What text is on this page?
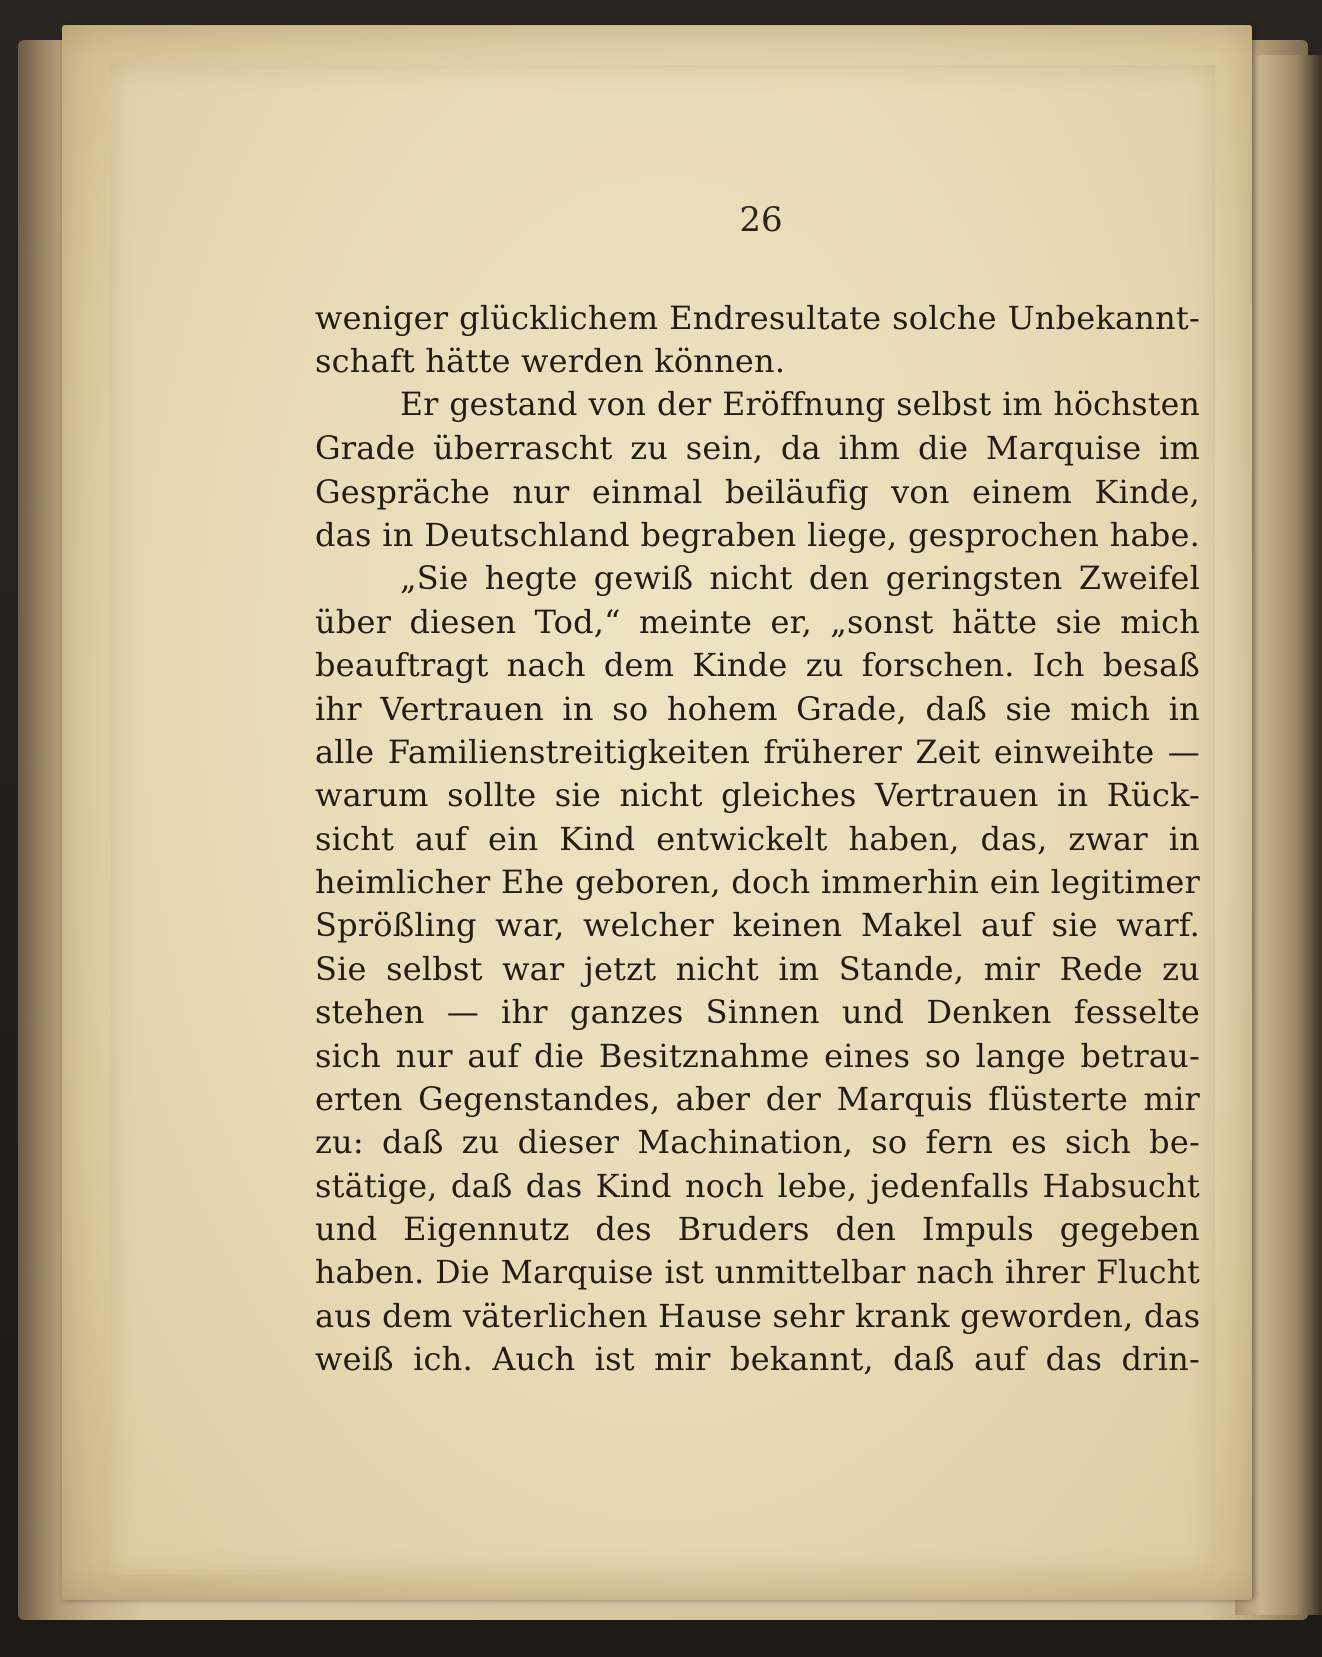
26
weniger glücklichem Endresultate solche Unbekannt-
schaft hätte werden können.
Er gestand von der Eröffnung selbst im höchsten
Grade überrascht zu sein, da ihm die Marquise im
Gespräche nur einmal beiläufig von einem Kinde,
das in Deutschland begraben liege, gesprochen habe.
„Sie hegte gewiß nicht den geringsten Zweifel
über diesen Tod,“ meinte er, „sonst hätte sie mich
beauftragt nach dem Kinde zu forschen. Ich besaß
ihr Vertrauen in so hohem Grade, daß sie mich in
alle Familienstreitigkeiten früherer Zeit einweihte —
warum sollte sie nicht gleiches Vertrauen in Rück-
sicht auf ein Kind entwickelt haben, das, zwar in
heimlicher Ehe geboren, doch immerhin ein legitimer
Sprößling war, welcher keinen Makel auf sie warf.
Sie selbst war jetzt nicht im Stande, mir Rede zu
stehen — ihr ganzes Sinnen und Denken fesselte
sich nur auf die Besitznahme eines so lange betrau-
erten Gegenstandes, aber der Marquis flüsterte mir
zu: daß zu dieser Machination, so fern es sich be-
stätige, daß das Kind noch lebe, jedenfalls Habsucht
und Eigennutz des Bruders den Impuls gegeben
haben. Die Marquise ist unmittelbar nach ihrer Flucht
aus dem väterlichen Hause sehr krank geworden, das
weiß ich. Auch ist mir bekannt, daß auf das drin-
